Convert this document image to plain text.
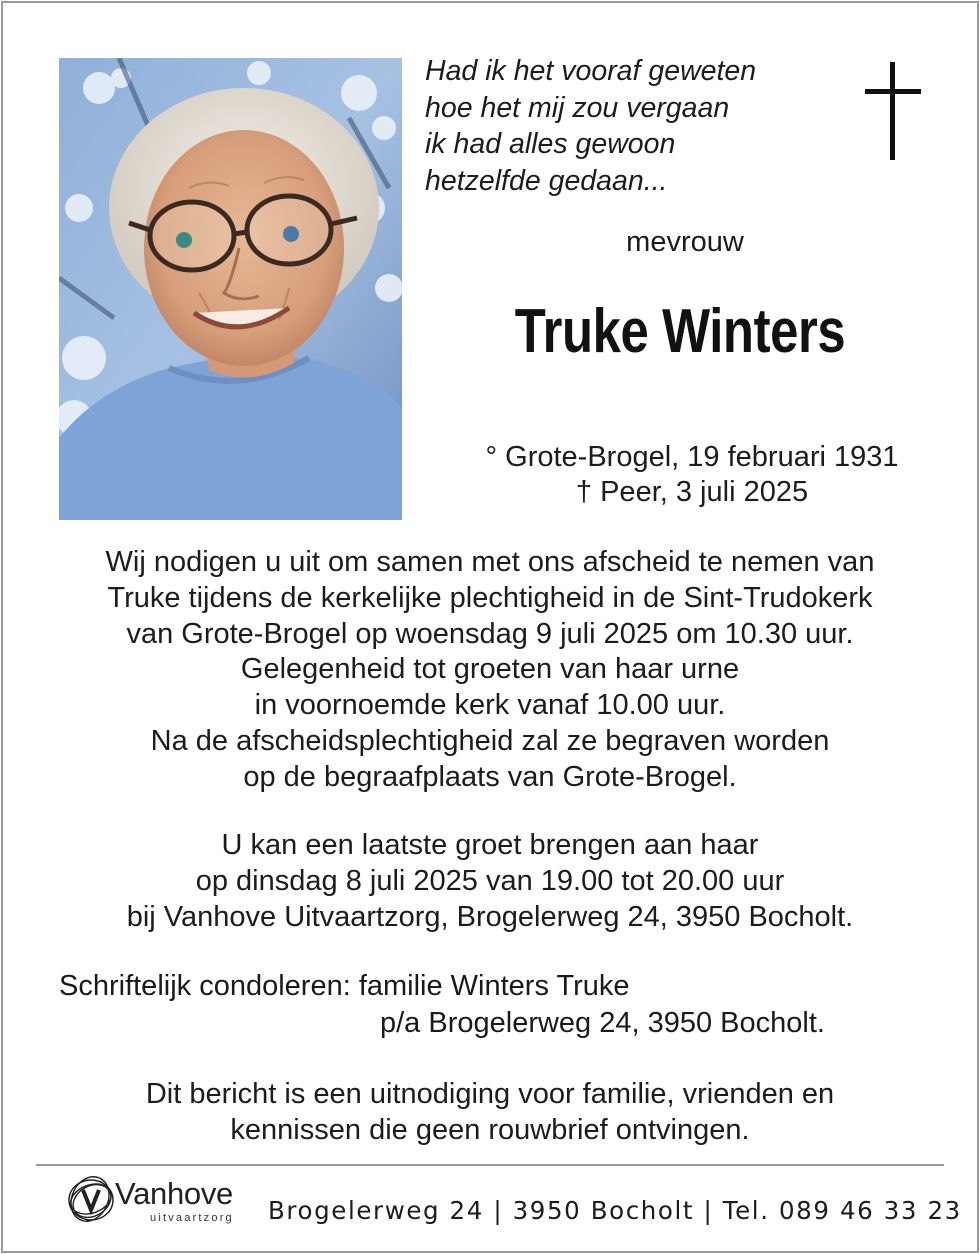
Had ik het vooraf geweten
hoe het mij zou vergaan
ik had alles gewoon
hetzelfde gedaan...
mevrouw
Truke Winters
° Grote-Brogel, 19 februari 1931
† Peer, 3 juli 2025
Wij nodigen u uit om samen met ons afscheid te nemen van
Truke tijdens de kerkelijke plechtigheid in de Sint-Trudokerk
van Grote-Brogel op woensdag 9 juli 2025 om 10.30 uur.
Gelegenheid tot groeten van haar urne
in voornoemde kerk vanaf 10.00 uur.
Na de afscheidsplechtigheid zal ze begraven worden
op de begraafplaats van Grote-Brogel.
U kan een laatste groet brengen aan haar
op dinsdag 8 juli 2025 van 19.00 tot 20.00 uur
bij Vanhove Uitvaartzorg, Brogelerweg 24, 3950 Bocholt.
Schriftelijk condoleren: familie Winters Truke
p/a Brogelerweg 24, 3950 Bocholt.
Dit bericht is een uitnodiging voor familie, vrienden en
kennissen die geen rouwbrief ontvingen.
Vanhove
uitvaartzorg Brogelerweg 24 | 3950 Bocholt | Tel. 089 46 33 23
